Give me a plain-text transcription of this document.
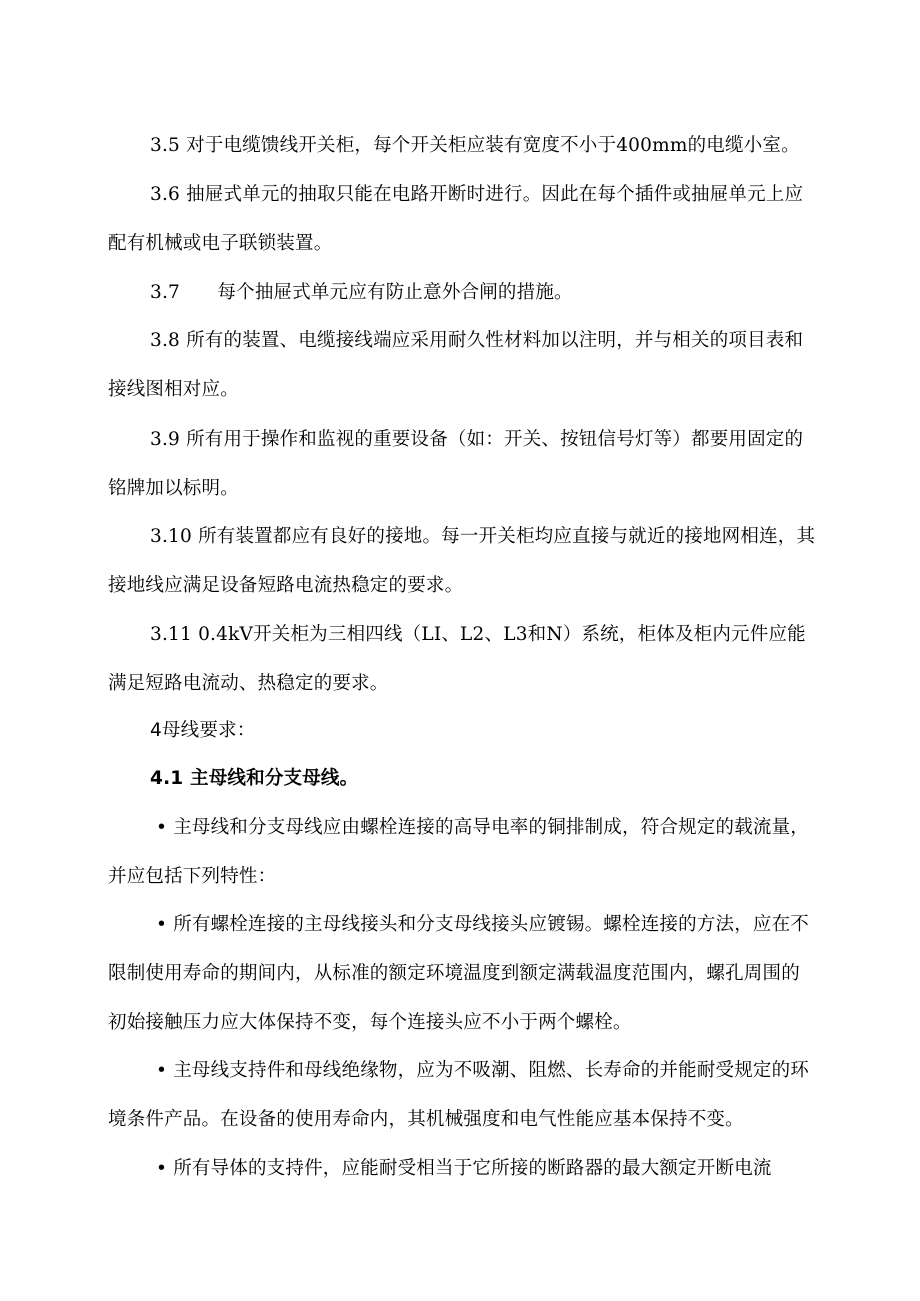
3.5 对于电缆馈线开关柜，每个开关柜应装有宽度不小于400mm的电缆小室。

3.6 抽屉式单元的抽取只能在电路开断时进行。因此在每个插件或抽屉单元上应配有机械或电子联锁装置。

3.7　　每个抽屉式单元应有防止意外合闸的措施。

3.8 所有的装置、电缆接线端应采用耐久性材料加以注明，并与相关的项目表和接线图相对应。

3.9 所有用于操作和监视的重要设备（如：开关、按钮信号灯等）都要用固定的铭牌加以标明。

3.10 所有装置都应有良好的接地。每一开关柜均应直接与就近的接地网相连，其接地线应满足设备短路电流热稳定的要求。

3.11 0.4kV开关柜为三相四线（LI、L2、L3和N）系统，柜体及柜内元件应能满足短路电流动、热稳定的要求。

4母线要求：

4.1 主母线和分支母线。

• 主母线和分支母线应由螺栓连接的高导电率的铜排制成，符合规定的载流量，并应包括下列特性：

• 所有螺栓连接的主母线接头和分支母线接头应镀锡。螺栓连接的方法，应在不限制使用寿命的期间内，从标准的额定环境温度到额定满载温度范围内，螺孔周围的初始接触压力应大体保持不变，每个连接头应不小于两个螺栓。

• 主母线支持件和母线绝缘物，应为不吸潮、阻燃、长寿命的并能耐受规定的环境条件产品。在设备的使用寿命内，其机械强度和电气性能应基本保持不变。

• 所有导体的支持件，应能耐受相当于它所接的断路器的最大额定开断电流
